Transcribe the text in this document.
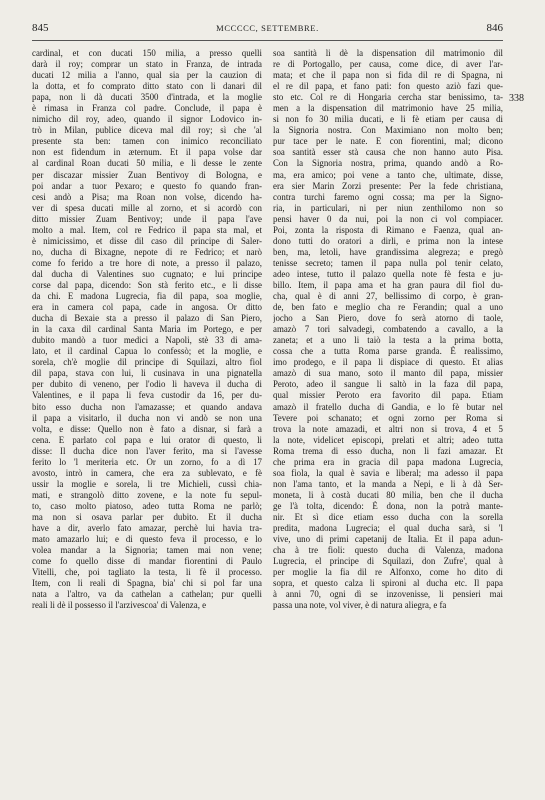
845	MCCCCC, SETTEMBRE.	846
cardinal, et con ducati 150 milia, a presso quelli
darà il roy; comprar un stato in Franza, de intrada
ducati 12 milia a l'anno, qual sia per la cauzion di
la dotta, et fo comprato ditto stato con li danari dil
papa, non li dà ducati 3500 d'intrada, et la moglie
è rimasa in Franza col padre. Conclude, il papa è
nimicho dil roy, adeo, quando il signor Lodovico in-
trò in Milan, publice diceva mal dil roy; sì che 'al
presente sta ben: tamen con inimico reconciliato
non est fidendum in æternum. Et il papa volse dar
al cardinal Roan ducati 50 milia, e li desse le zente
per discazar missier Zuan Bentivoy di Bologna, e
poi andar a tuor Pexaro; e questo fo quando fran-
cesi andò a Pisa; ma Roan non volse, dicendo ha-
ver di spesa ducati mille al zorno, et si acordò con
ditto missier Zuam Bentivoy; unde il papa l'ave
molto a mal. Item, col re Fedrico il papa sta mal, et
è nimicissimo, et disse dil caso dil principe di Saler-
no, ducha di Bixagne, nepote di re Fedrico; et narò
come fo ferido a tre hore di note, a presso il palazo,
dal ducha di Valentines suo cugnato; e lui principe
corse dal papa, dicendo: Son stà ferito etc., e li disse
da chi. E madona Lugrecia, fia dil papa, soa moglie,
era in camera col papa, cade in angosa. Or ditto
ducha di Bexaie sta a presso il palazo di San Piero,
in la caxa dil cardinal Santa Maria im Portego, e per
dubito mandò a tuor medici a Napoli, stè 33 di ama-
lato, et il cardinal Capua lo confessò; et la moglie, e
sorela, ch'è moglie dil principe di Squilazi, altro fiol
dil papa, stava con lui, li cusinava in una pignatella
per dubito di veneno, per l'odio li haveva il ducha di
Valentines, e il papa li feva custodir da 16, per du-
bito esso ducha non l'amazasse; et quando andava
il papa a visitarlo, il ducha non vi andò se non una
volta, e disse: Quello non è fato a disnar, si farà a
cena. E parlato col papa e lui orator di questo, li
disse: Il ducha dice non l'aver ferito, ma si l'avesse
ferito lo 'l meriteria etc. Or un zorno, fo a dì 17
avosto, intrò in camera, che era za sublevato, e fè
ussir la moglie e sorela, li tre Michieli, cussì chia-
mati, e strangolò ditto zovene, e la note fu sepul-
to, caso molto piatoso, adeo tutta Roma ne parlò;
ma non si osava parlar per dubito. Et il ducha
have a dir, averlo fato amazar, perchè lui havia tra-
mato amazarlo lui; e di questo feva il processo, e lo
volea mandar a la Signoria; tamen mai non vene;
come fo quello disse di mandar fiorentini di Paulo
Vitelli, che, poi tagliato la testa, li fè il processo.
Item, con li reali di Spagna, bia' chi si pol far una
nata a l'altro, va da cathelan a cathelan; pur quelli
reali li dè il possesso il l'arzivescoa' di Valenza, e
soa santità li dè la dispensation dil matrimonio dil
re di Portogallo, per causa, come dice, di aver l'ar-
mata; et che il papa non si fida dil re di Spagna, ni
el re dil papa, et fano pati: fon questo aziò fazi que-
sto etc. Col re di Hongaria cercha star benissimo, ta-
men a la dispensation dil matrimonio have 25 milia,
si non fo 30 milia ducati, e li fè etiam per causa di
la Signoria nostra. Con Maximiano non molto ben;
pur tace per le nate. E con fiorentini, mal; dicono
soa santità esser stà causa che non hanno auto Pisa.
Con la Signoria nostra, prima, quando andò a Ro-
ma, era amico; poi vene a tanto che, ultimate, disse,
era sier Marin Zorzi presente: Per la fede christiana,
contra turchi faremo ogni cossa; ma per la Signo-
ria, in particulari, ni per niun zenthilomo non so
pensi haver 0 da nui, poi la non ci vol compiacer.
Poi, zonta la risposta di Rimano e Faenza, qual an-
dono tutti do oratori a dirli, e prima non la intese
ben, ma, letoli, have grandissima alegreza; e pregò
tenisse secreto; tamen il papa nulla pol tenir celato,
adeo intese, tutto il palazo quella note fè festa e ju-
billo. Item, il papa ama et ha gran paura dil fiol du-
cha, qual è di anni 27, bellissimo di corpo, è gran-
de, ben fato e meglio cha re Ferandin; qual a uno
jocho a San Piero, dove fo serà atorno di taole,
amazò 7 tori salvadegi, combatendo a cavallo, a la
zaneta; et a uno li taiò la testa a la prima botta,
cossa che a tutta Roma parse granda. È realissimo,
imo prodego, e il papa li dispiace di questo. Et alias
amazò di sua mano, soto il manto dil papa, missier
Peroto, adeo il sangue li saltò in la faza dil papa,
qual missier Peroto era favorito dil papa. Etiam
amazò il fratello ducha di Gandia, e lo fè butar nel
Tevere poi schanato; et ogni zorno per Roma si
trova la note amazadi, et altri non si trova, 4 et 5
la note, videlicet episcopi, prelati et altri; adeo tutta
Roma trema di esso ducha, non li fazi amazar. Et
che prima era in gracia dil papa madona Lugrecia,
soa fiola, la qual è savia e liberal; ma adesso il papa
non l'ama tanto, et la manda a Nepi, e li à dà Ser-
moneta, li à costà ducati 80 milia, ben che il ducha
ge l'à tolta, dicendo: È dona, non la potrà mante-
nir. Et sì dice etiam esso ducha con la sorella
predita, madona Lugrecia; el qual ducha sarà, si 'l
vive, uno di primi capetanij de Italia. Et il papa adun-
cha à tre fioli: questo ducha di Valenza, madona
Lugrecia, el principe di Squilazi, don Zufre', qual à
per moglie la fia dil re Alfonxo, come ho dito di
sopra, et questo calza li spironi al ducha etc. Il papa
à anni 70, ogni dì se inzovenisse, li pensieri mai
passa una note, vol viver, è di natura aliegra, e fa
338
